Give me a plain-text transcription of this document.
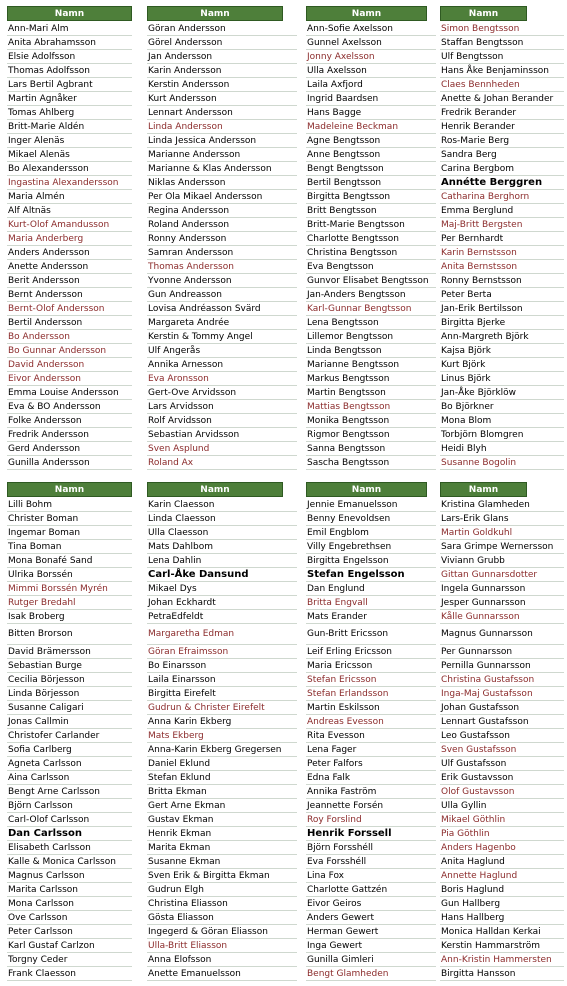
Namn
Ann-Mari Alm
Anita Abrahamsson
Elsie Adolfsson
Thomas Adolfsson
Lars Bertil Agbrant
Martin Agnåker
Tomas Ahlberg
Britt-Marie Aldén
Inger Alenäs
Mikael Alenäs
Bo Alexandersson
Ingastina Alexandersson
Maria Almén
Alf Altnäs
Kurt-Olof Amandusson
Maria Anderberg
Anders Andersson
Anette Andersson
Berit Andersson
Bernt Andersson
Bernt-Olof Andersson
Bertil Andersson
Bo Andersson
Bo Gunnar Andersson
David Andersson
Eivor Andersson
Emma Louise Andersson
Eva & BO Andersson
Folke Andersson
Fredrik Andersson
Gerd Andersson
Gunilla Andersson
Namn
Göran Andersson
Görel Andersson
Jan Andersson
Karin Andersson
Kerstin Andersson
Kurt Andersson
Lennart Andersson
Linda Andersson
Linda Jessica Andersson
Marianne Andersson
Marianne & Klas Andersson
Niklas Andersson
Per Ola Mikael Andersson
Regina Andersson
Roland Andersson
Ronny Andersson
Samran Andersson
Thomas Andersson
Yvonne Andersson
Gun Andreasson
Lovisa Andréasson Svärd
Margareta Andrée
Kerstin & Tommy Angel
Ulf Angerås
Annika Arnesson
Eva Aronsson
Gert-Ove Arvidsson
Lars Arvidsson
Rolf Arvidsson
Sebastian Arvidsson
Sven Asplund
Roland Ax
Namn
Ann-Sofie Axelsson
Gunnel Axelsson
Jonny Axelsson
Ulla Axelsson
Laila Axfjord
Ingrid Baardsen
Hans Bagge
Madeleine Beckman
Agne Bengtsson
Anne Bengtsson
Bengt Bengtsson
Bertil Bengtsson
Birgitta Bengtsson
Britt Bengtsson
Britt-Marie Bengtsson
Charlotte Bengtsson
Christina Bengtsson
Eva Bengtsson
Gunvor Elisabet Bengtsson
Jan-Anders Bengtsson
Karl-Gunnar Bengtsson
Lena Bengtsson
Lillemor Bengtsson
Linda Bengtsson
Marianne Bengtsson
Markus Bengtsson
Martin Bengtsson
Mattias Bengtsson
Monika Bengtsson
Rigmor Bengtsson
Sanna Bengtsson
Sascha Bengtsson
Namn
Simon Bengtsson
Staffan Bengtsson
Ulf Bengtsson
Hans Åke Benjaminsson
Claes Bennheden
Anette & Johan Berander
Fredrik Berander
Henrik Berander
Ros-Marie Berg
Sandra Berg
Carina Bergbom
Annétte Berggren
Catharina Berghorn
Emma Berglund
Maj-Britt Bergsten
Per Bernhardt
Karin Bernstsson
Anita Bernstsson
Ronny Bernstsson
Peter Berta
Jan-Erik Bertilsson
Birgitta Bjerke
Ann-Margreth Björk
Kajsa Björk
Kurt Björk
Linus Björk
Jan-Åke Björklöw
Bo Björkner
Mona Blom
Torbjörn Blomgren
Heidi Blyh
Susanne Bogolin
Namn
Lilli Bohm
Christer Boman
Ingemar Boman
Tina Boman
Mona Bonafé Sand
Ulrika Borssén
Mimmi Borssén Myrén
Rutger Bredahl
Isak Broberg
Bitten Brorson
David Brämersson
Sebastian Burge
Cecilia Börjesson
Linda Börjesson
Susanne Caligari
Jonas Callmin
Christofer Carlander
Sofia Carlberg
Agneta Carlsson
Aina Carlsson
Bengt Arne Carlsson
Björn Carlsson
Carl-Olof Carlsson
Dan Carlsson
Elisabeth Carlsson
Kalle & Monica Carlsson
Magnus Carlsson
Marita Carlsson
Mona Carlsson
Ove Carlsson
Peter Carlsson
Karl Gustaf Carlzon
Torgny Ceder
Frank Claesson
Namn
Karin Claesson
Linda Claesson
Ulla Claesson
Mats Dahlbom
Lena Dahlin
Carl-Åke Dansund
Mikael Dys
Johan Eckhardt
PetraEdfeldt
Margaretha Edman
Göran Efraimsson
Bo Einarsson
Laila Einarsson
Birgitta Eirefelt
Gudrun & Christer Eirefelt
Anna Karin Ekberg
Mats Ekberg
Anna-Karin Ekberg Gregersen
Daniel Eklund
Stefan Eklund
Britta Ekman
Gert Arne Ekman
Gustav Ekman
Henrik Ekman
Marita Ekman
Susanne Ekman
Sven Erik & Birgitta Ekman
Gudrun Elgh
Christina Eliasson
Gösta Eliasson
Ingegerd & Göran Eliasson
Ulla-Britt Eliasson
Anna Elofsson
Anette Emanuelsson
Namn
Jennie Emanuelsson
Benny Enevoldsen
Emil Engblom
Villy Engebrethsen
Birgitta Engelsson
Stefan Engelsson
Dan Englund
Britta Engvall
Mats Erander
Gun-Britt Ericsson
Leif Erling Ericsson
Maria Ericsson
Stefan Ericsson
Stefan Erlandsson
Martin Eskilsson
Andreas Evesson
Rita Evesson
Lena Fager
Peter Falfors
Edna Falk
Annika Faström
Jeannette Forsén
Roy Forslind
Henrik Forssell
Björn Forsshéll
Eva Forsshéll
Lina Fox
Charlotte Gattzén
Eivor Geiros
Anders Gewert
Herman Gewert
Inga Gewert
Gunilla Gimleri
Bengt Glamheden
Namn
Kristina Glamheden
Lars-Erik Glans
Martin Goldkuhl
Sara Grimpe Wernersson
Viviann Grubb
Gittan Gunnarsdotter
Ingela Gunnarsson
Jesper Gunnarsson
Kålle Gunnarsson
Magnus Gunnarsson
Per Gunnarsson
Pernilla Gunnarsson
Christina Gustafsson
Inga-Maj Gustafsson
Johan Gustafsson
Lennart Gustafsson
Leo Gustafsson
Sven Gustafsson
Ulf Gustafsson
Erik Gustavsson
Olof Gustavsson
Ulla Gyllin
Mikael Göthlin
Pia Göthlin
Anders Hagenbo
Anita Haglund
Annette Haglund
Boris Haglund
Gun Hallberg
Hans Hallberg
Monica Halldan Kerkai
Kerstin Hammarström
Ann-Kristin Hammersten
Birgitta Hansson
